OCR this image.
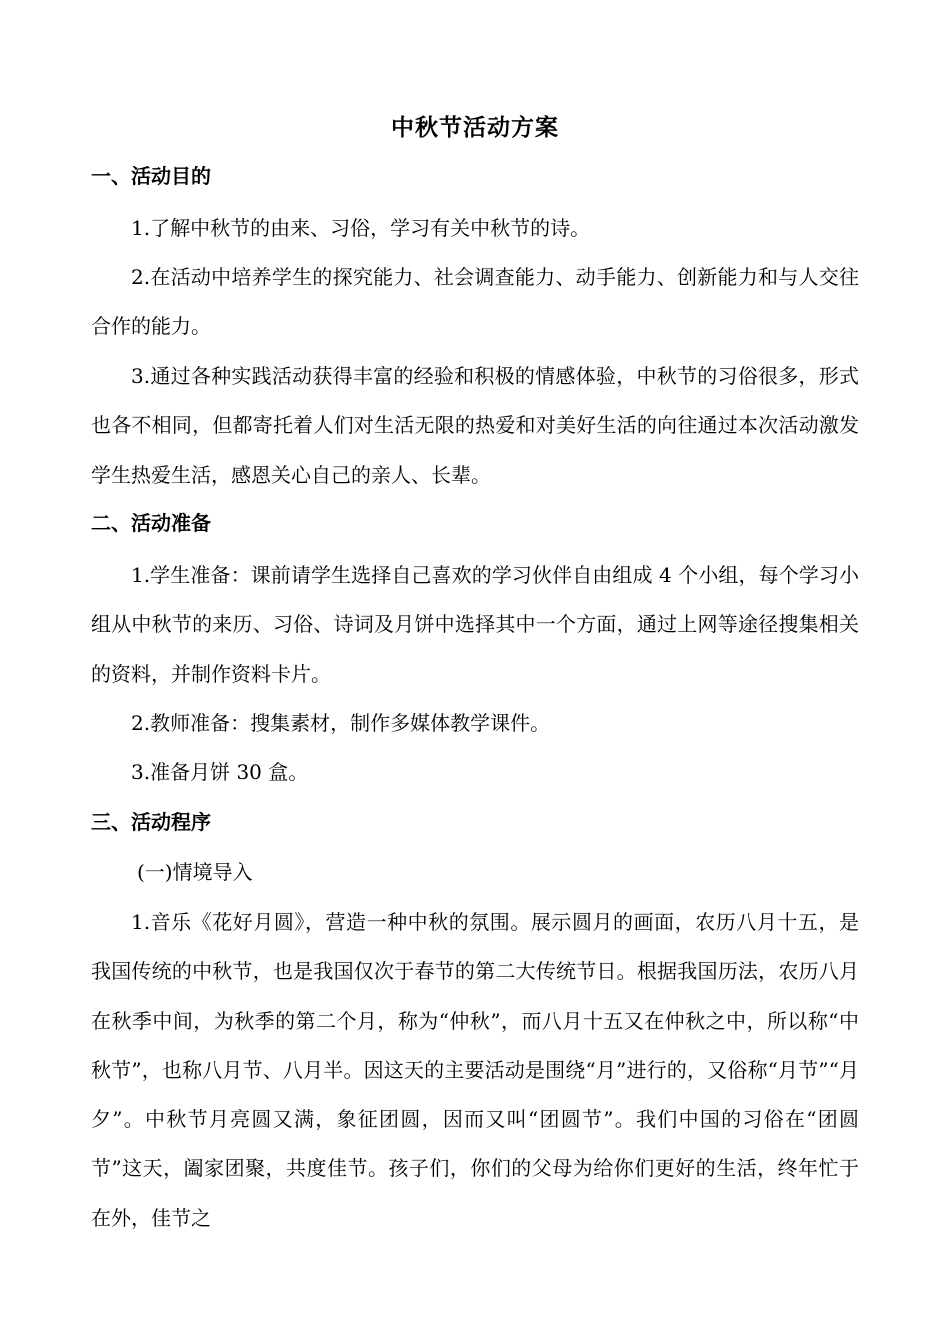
中秋节活动方案
一、活动目的
1.了解中秋节的由来、习俗，学习有关中秋节的诗。
2.在活动中培养学生的探究能力、社会调查能力、动手能力、创新能力和与人交往合作的能力。
3.通过各种实践活动获得丰富的经验和积极的情感体验，中秋节的习俗很多，形式也各不相同，但都寄托着人们对生活无限的热爱和对美好生活的向往通过本次活动激发学生热爱生活，感恩关心自己的亲人、长辈。
二、活动准备
1.学生准备：课前请学生选择自己喜欢的学习伙伴自由组成 4 个小组，每个学习小组从中秋节的来历、习俗、诗词及月饼中选择其中一个方面，通过上网等途径搜集相关的资料，并制作资料卡片。
2.教师准备：搜集素材，制作多媒体教学课件。
3.准备月饼 30 盒。
三、活动程序
(一)情境导入
1.音乐《花好月圆》，营造一种中秋的氛围。展示圆月的画面，农历八月十五，是我国传统的中秋节，也是我国仅次于春节的第二大传统节日。根据我国历法，农历八月在秋季中间，为秋季的第二个月，称为“仲秋”，而八月十五又在仲秋之中，所以称“中秋节”，也称八月节、八月半。因这天的主要活动是围绕“月”进行的，又俗称“月节”“月夕”。中秋节月亮圆又满，象征团圆，因而又叫“团圆节”。我们中国的习俗在“团圆节”这天，阖家团聚，共度佳节。孩子们，你们的父母为给你们更好的生活，终年忙于在外，佳节之
